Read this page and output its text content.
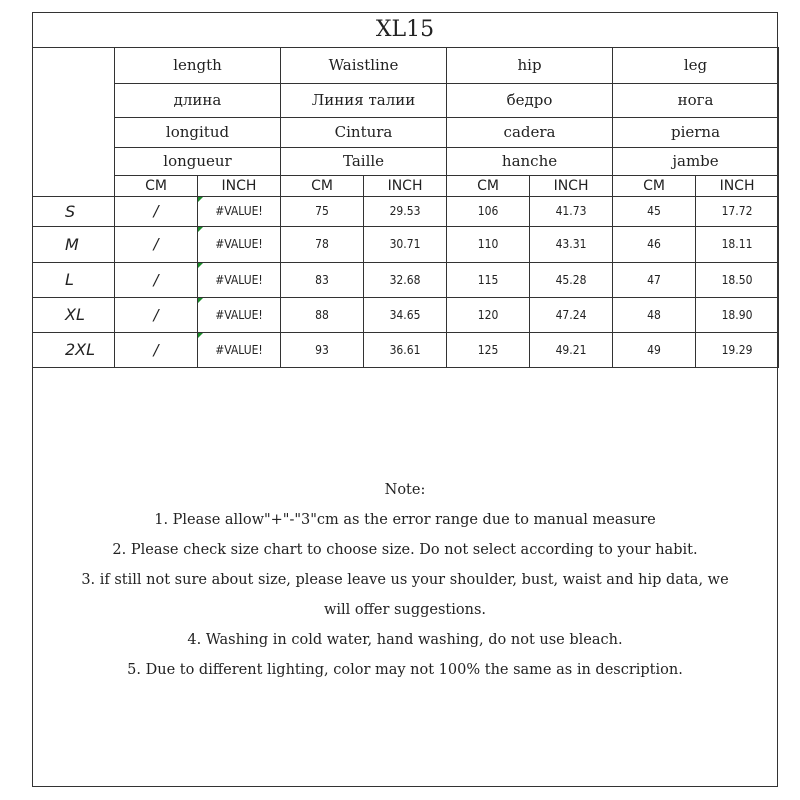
XL15
	length		Waistline		hip		leg	
	длина		Линия талии		бедро		нога	
	longitud		Cintura		cadera		pierna	
	longueur		Taille		hanche		jambe	
	CM	INCH	CM	INCH	CM	INCH	CM	INCH
S	/	#VALUE!	75	29.53	106	41.73	45	17.72
M	/	#VALUE!	78	30.71	110	43.31	46	18.11
L	/	#VALUE!	83	32.68	115	45.28	47	18.50
XL	/	#VALUE!	88	34.65	120	47.24	48	18.90
2XL	/	#VALUE!	93	36.61	125	49.21	49	19.29

Note:

1. Please allow"+"-"3"cm as the error range due to manual measure

2. Please check size chart to choose size. Do not select according to your habit.

3. if still not sure about size, please leave us your shoulder, bust, waist and hip data, we

will offer suggestions.

4. Washing in cold water, hand washing, do not use bleach.

5. Due to different lighting, color may not 100% the same as in description.
